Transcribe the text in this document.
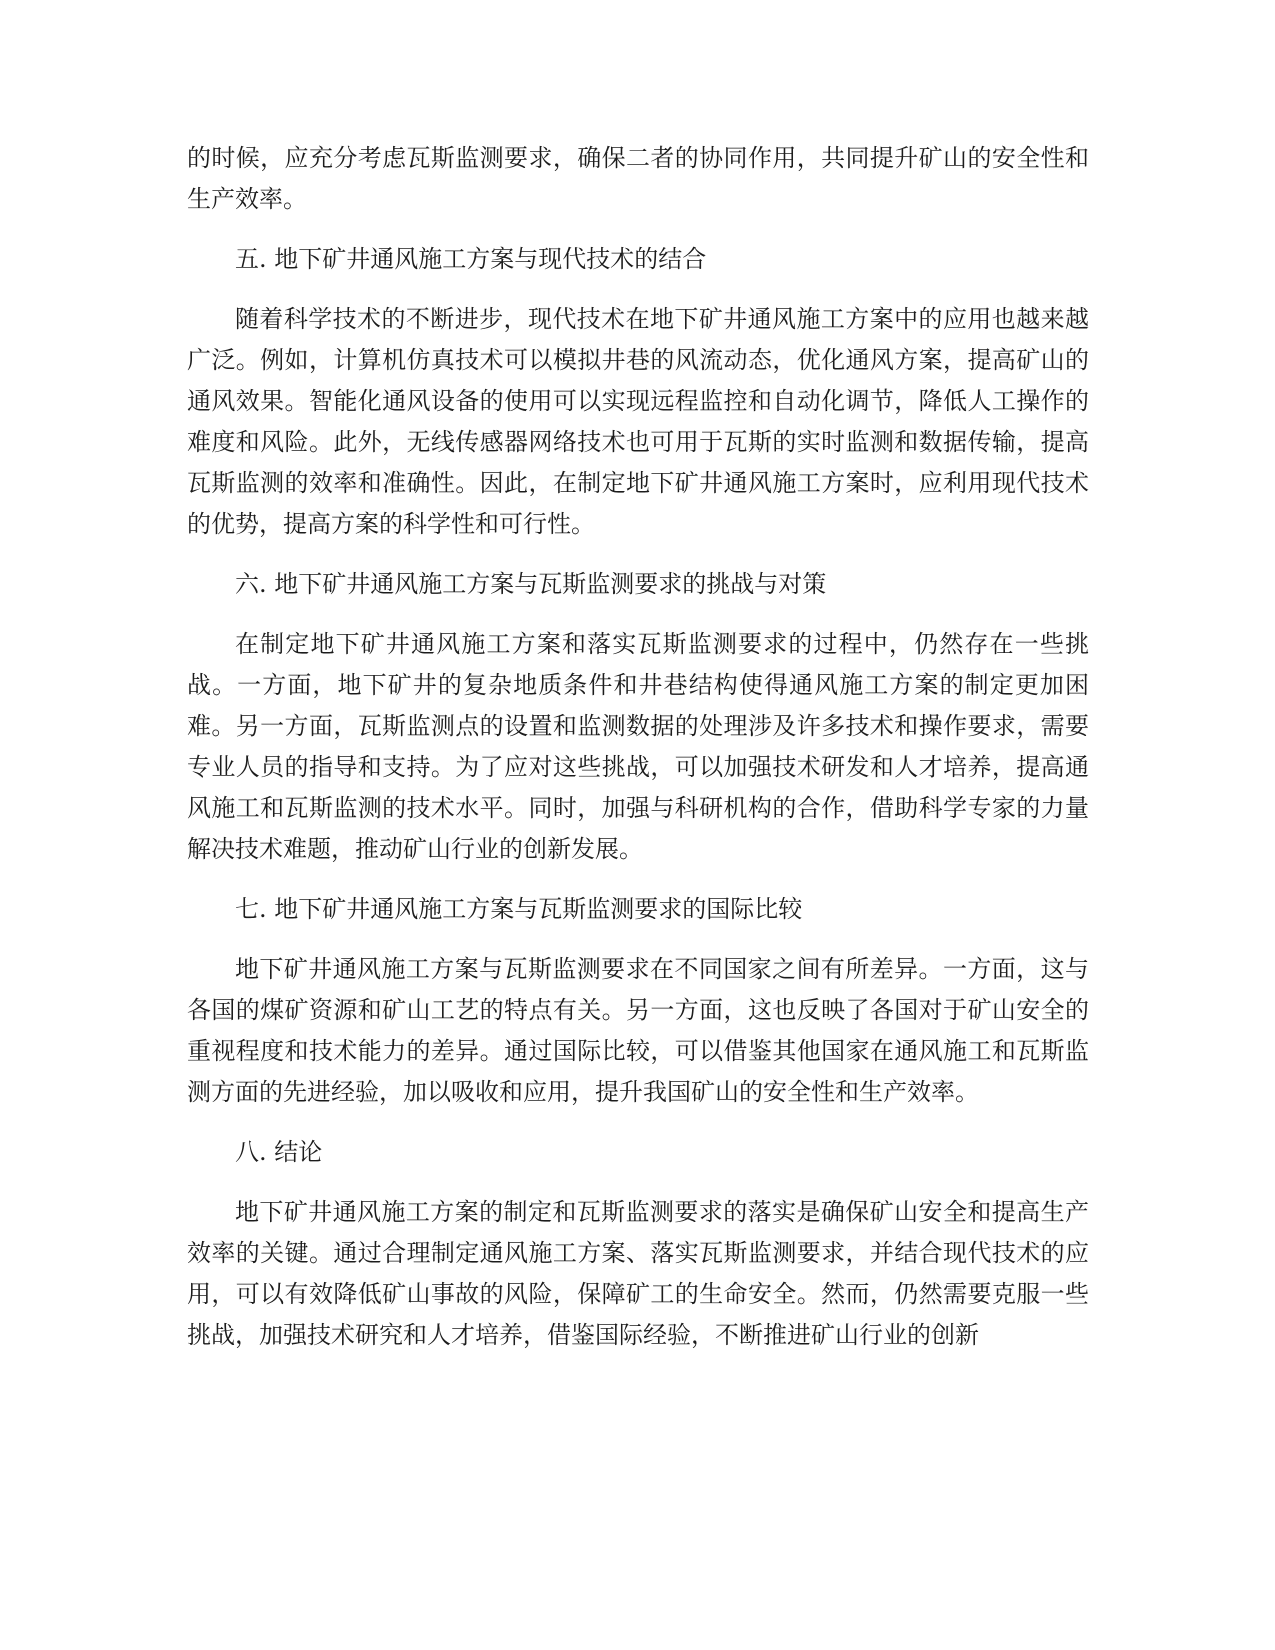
的时候，应充分考虑瓦斯监测要求，确保二者的协同作用，共同提升矿山的安全性和生产效率。

五. 地下矿井通风施工方案与现代技术的结合

随着科学技术的不断进步，现代技术在地下矿井通风施工方案中的应用也越来越广泛。例如，计算机仿真技术可以模拟井巷的风流动态，优化通风方案，提高矿山的通风效果。智能化通风设备的使用可以实现远程监控和自动化调节，降低人工操作的难度和风险。此外，无线传感器网络技术也可用于瓦斯的实时监测和数据传输，提高瓦斯监测的效率和准确性。因此，在制定地下矿井通风施工方案时，应利用现代技术的优势，提高方案的科学性和可行性。

六. 地下矿井通风施工方案与瓦斯监测要求的挑战与对策

在制定地下矿井通风施工方案和落实瓦斯监测要求的过程中，仍然存在一些挑战。一方面，地下矿井的复杂地质条件和井巷结构使得通风施工方案的制定更加困难。另一方面，瓦斯监测点的设置和监测数据的处理涉及许多技术和操作要求，需要专业人员的指导和支持。为了应对这些挑战，可以加强技术研发和人才培养，提高通风施工和瓦斯监测的技术水平。同时，加强与科研机构的合作，借助科学专家的力量解决技术难题，推动矿山行业的创新发展。

七. 地下矿井通风施工方案与瓦斯监测要求的国际比较

地下矿井通风施工方案与瓦斯监测要求在不同国家之间有所差异。一方面，这与各国的煤矿资源和矿山工艺的特点有关。另一方面，这也反映了各国对于矿山安全的重视程度和技术能力的差异。通过国际比较，可以借鉴其他国家在通风施工和瓦斯监测方面的先进经验，加以吸收和应用，提升我国矿山的安全性和生产效率。

八. 结论

地下矿井通风施工方案的制定和瓦斯监测要求的落实是确保矿山安全和提高生产效率的关键。通过合理制定通风施工方案、落实瓦斯监测要求，并结合现代技术的应用，可以有效降低矿山事故的风险，保障矿工的生命安全。然而，仍然需要克服一些挑战，加强技术研究和人才培养，借鉴国际经验，不断推进矿山行业的创新
